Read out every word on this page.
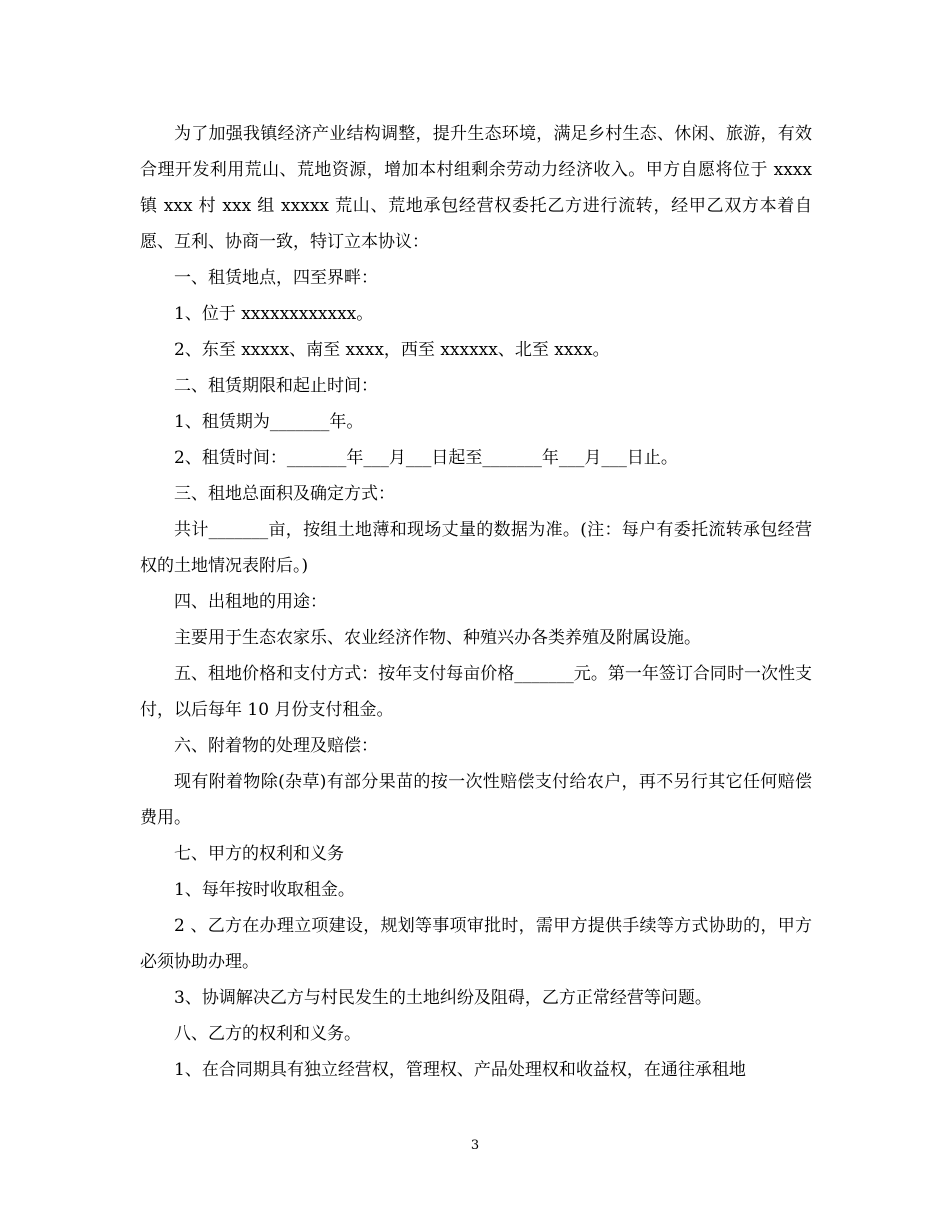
为了加强我镇经济产业结构调整，提升生态环境，满足乡村生态、休闲、旅游，有效合理开发利用荒山、荒地资源，增加本村组剩余劳动力经济收入。甲方自愿将位于 xxxx 镇 xxx 村 xxx 组 xxxxx 荒山、荒地承包经营权委托乙方进行流转，经甲乙双方本着自愿、互利、协商一致，特订立本协议：

一、租赁地点，四至界畔：

1、位于 xxxxxxxxxxxx。

2、东至 xxxxx、南至 xxxx，西至 xxxxxx、北至 xxxx。

二、租赁期限和起止时间：

1、租赁期为_______年。

2、租赁时间：_______年___月___日起至_______年___月___日止。

三、租地总面积及确定方式：

共计_______亩，按组土地薄和现场丈量的数据为准。(注：每户有委托流转承包经营权的土地情况表附后。)

四、出租地的用途：

主要用于生态农家乐、农业经济作物、种殖兴办各类养殖及附属设施。

五、租地价格和支付方式：按年支付每亩价格_______元。第一年签订合同时一次性支付，以后每年 10 月份支付租金。

六、附着物的处理及赔偿：

现有附着物除(杂草)有部分果苗的按一次性赔偿支付给农户，再不另行其它任何赔偿费用。

七、甲方的权利和义务

1、每年按时收取租金。

2 、乙方在办理立项建设，规划等事项审批时，需甲方提供手续等方式协助的，甲方必须协助办理。

3、协调解决乙方与村民发生的土地纠纷及阻碍，乙方正常经营等问题。

八、乙方的权利和义务。

1、在合同期具有独立经营权，管理权、产品处理权和收益权，在通往承租地

3
